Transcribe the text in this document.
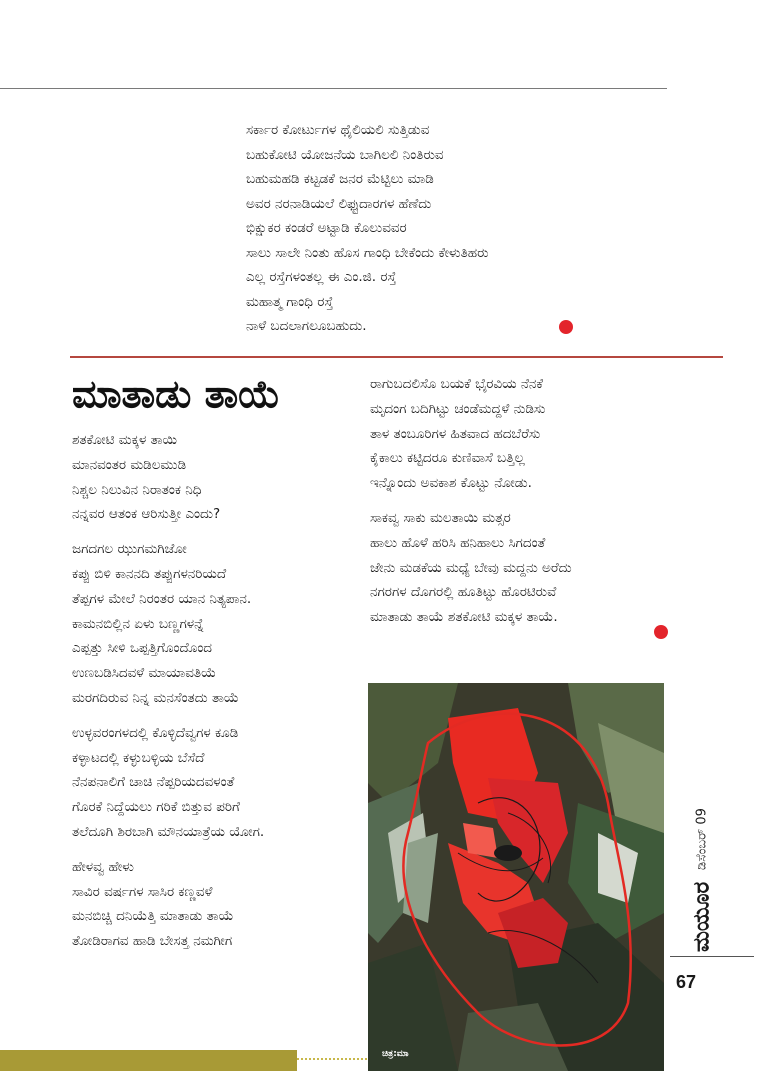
ಸರ್ಕಾರ ಕೋರ್ಟುಗಳ ಥೈಲಿಯಲಿ ಸುತ್ತಿಡುವ
ಬಹುಕೋಟಿ ಯೋಜನೆಯ ಬಾಗಿಲಲಿ ನಿಂತಿರುವ
ಬಹುಮಹಡಿ ಕಟ್ಟಡಕೆ ಜನರ ಮೆಟ್ಟಿಲು ಮಾಡಿ
ಅವರ ನರನಾಡಿಯಲೆ ಲಿಫ್ಟುದಾರಗಳ ಹೆಣೆದು
ಭಿಕ್ಷುಕರ ಕಂಡರೆ ಅಟ್ಟಾಡಿ ಕೊಲುವವರ
ಸಾಲು ಸಾಲೇ ನಿಂತು ಹೊಸ ಗಾಂಧಿ ಬೇಕೆಂದು ಕೇಳುತಿಹರು
ಎಲ್ಲ ರಸ್ತೆಗಳಂತಲ್ಲ ಈ ಎಂ.ಜಿ. ರಸ್ತೆ
ಮಹಾತ್ಮ ಗಾಂಧಿ ರಸ್ತೆ
ನಾಳೆ ಬದಲಾಗಲೂಬಹುದು.
ಮಾತಾಡು ತಾಯೆ
ಶತಕೋಟಿ ಮಕ್ಕಳ ತಾಯಿ
ಮಾನವಂತರ ಮಡಿಲಮುಡಿ
ನಿಶ್ಚಲ ನಿಲುವಿನ ನಿರಾತಂಕ ನಿಧಿ
ನನ್ನವರ ಆತಂಕ ಆರಿಸುತ್ತೀ ಎಂದು?
ಜಗದಗಲ ಝುಗಮಗಿಜೋ
ಕಪ್ಪು ಬಿಳಿ ಕಾನನದಿ ತಪ್ಪುಗಳನರಿಯದೆ
ತೆಪ್ಪಗಳ ಮೇಲೆ ನಿರಂತರ ಯಾನ ನಿತ್ಯಪಾನ.
ಕಾಮನಬಿಲ್ಲಿನ ಏಳು ಬಣ್ಣಗಳನ್ನೆ
ಎಪ್ಪತ್ತು ಸೀಳಿ ಒಪ್ಪತ್ತಿಗೊಂದೊಂದ
ಉಣಬಡಿಸಿದವಳೆ ಮಾಯಾವತಿಯೆ
ಮರಗದಿರುವ ನಿನ್ನ ಮನಸೆಂತದು ತಾಯೆ
ಉಳ್ಳವರಂಗಳದಲ್ಲಿ ಕೊಳ್ಳಿದೆವ್ವಗಳ ಕೂಡಿ
ಕಳ್ಳಾಟದಲ್ಲಿ ಕಳ್ಳುಬಳ್ಳಿಯ ಬೆಸೆದೆ
ನೆನಪನಾಲಿಗೆ ಚಾಚಿ ನೆಪ್ಪರಿಯದವಳಂತೆ
ಗೊರಕೆ ನಿದ್ದೆಯಲು ಗರಿಕೆ ಬಿತ್ತುವ ಪರಿಗೆ
ತಲೆದೂಗಿ ಶಿರಬಾಗಿ ಮೌನಯಾತ್ರೆಯ ಯೋಗ.
ಹೇಳವ್ವ ಹೇಳು
ಸಾವಿರ ವರ್ಷಗಳ ಸಾಸಿರ ಕಣ್ಣವಳೆ
ಮನಬಿಚ್ಚಿ ದನಿಯೆತ್ತಿ ಮಾತಾಡು ತಾಯೆ
ತೋಡಿರಾಗವ ಹಾಡಿ ಬೇಸತ್ತ ನಮಗೀಗ
ರಾಗುಬದಲಿಸೊ ಬಯಕೆ ಭೈರವಿಯ ನೆನಕೆ
ಮೃದಂಗ ಬದಿಗಿಟ್ಟು ಚಂಡೆಮದ್ದಳೆ ನುಡಿಸು
ತಾಳ ತಂಬೂರಿಗಳ ಹಿತವಾದ ಹದಬೆರೆಸು
ಕೈಕಾಲು ಕಟ್ಟಿದರೂ ಕುಣಿವಾಸೆ ಬತ್ತಿಲ್ಲ
ಇನ್ನೊಂದು ಅವಕಾಶ ಕೊಟ್ಟು ನೋಡು.
ಸಾಕವ್ವ ಸಾಕು ಮಲತಾಯಿ ಮತ್ಸರ
ಹಾಲು ಹೊಳೆ ಹರಿಸಿ ಹನಿಹಾಲು ಸಿಗದಂತೆ
ಜೇನು ಮಡಕೆಯ ಮಧ್ಯೆ ಬೇವು ಮದ್ದನು ಅರೆದು
ನಗರಗಳ ದೊಗರಲ್ಲಿ ಹೂತಿಟ್ಟು ಹೊರಟಿರುವೆ
ಮಾತಾಡು ತಾಯೆ ಶತಕೋಟಿ ಮಕ್ಕಳ ತಾಯೆ.
ಚಿತ್ರ:ಮಾ
ಮಯೂರ
ಡಿಸೆಂಬರ್ 09
67
